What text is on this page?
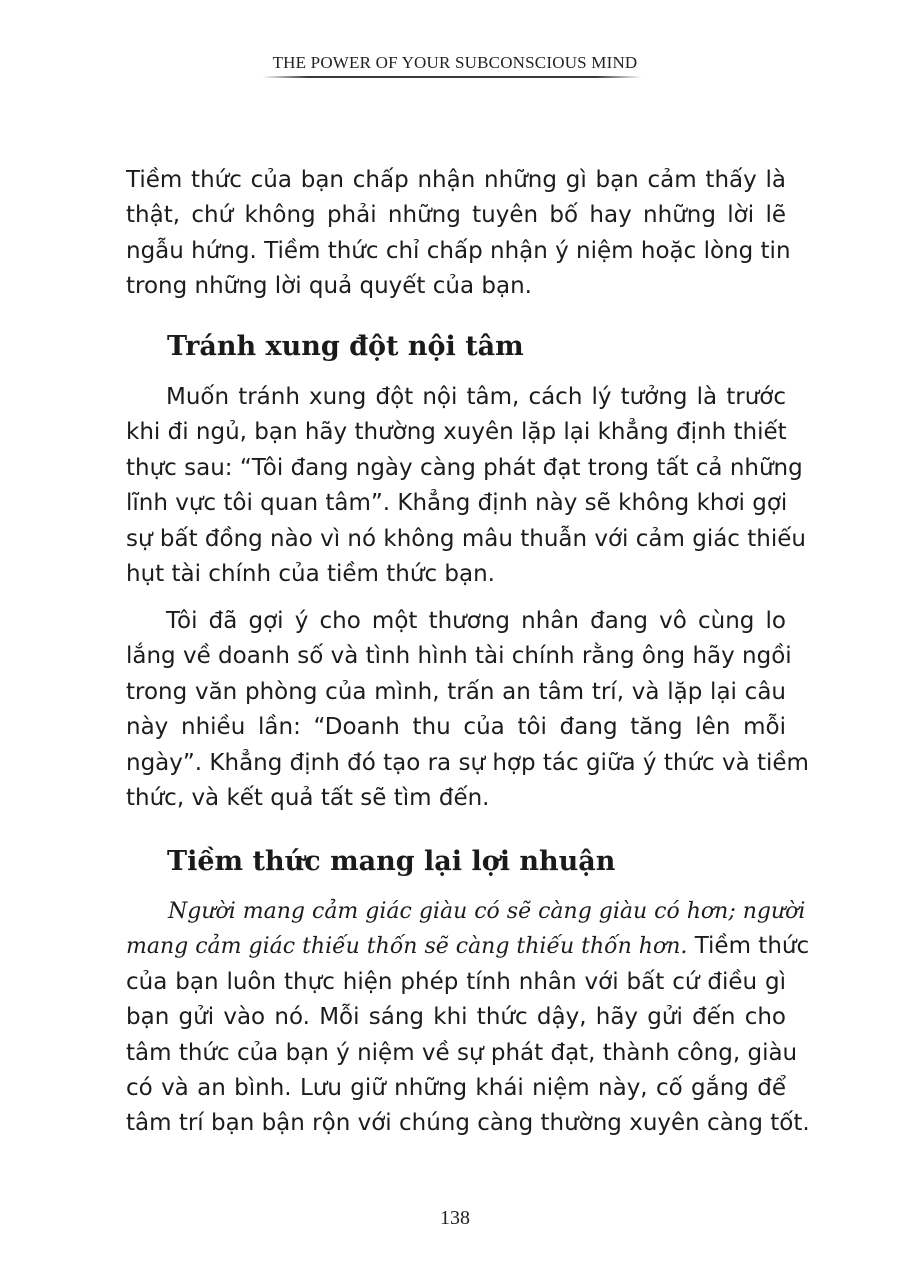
THE POWER OF YOUR SUBCONSCIOUS MIND
Tiềm thức của bạn chấp nhận những gì bạn cảm thấy là
thật, chứ không phải những tuyên bố hay những lời lẽ
ngẫu hứng. Tiềm thức chỉ chấp nhận ý niệm hoặc lòng tin
trong những lời quả quyết của bạn.
Tránh xung đột nội tâm
Muốn tránh xung đột nội tâm, cách lý tưởng là trước
khi đi ngủ, bạn hãy thường xuyên lặp lại khẳng định thiết
thực sau: “Tôi đang ngày càng phát đạt trong tất cả những
lĩnh vực tôi quan tâm”. Khẳng định này sẽ không khơi gợi
sự bất đồng nào vì nó không mâu thuẫn với cảm giác thiếu
hụt tài chính của tiềm thức bạn.
Tôi đã gợi ý cho một thương nhân đang vô cùng lo
lắng về doanh số và tình hình tài chính rằng ông hãy ngồi
trong văn phòng của mình, trấn an tâm trí, và lặp lại câu
này nhiều lần: “Doanh thu của tôi đang tăng lên mỗi
ngày”. Khẳng định đó tạo ra sự hợp tác giữa ý thức và tiềm
thức, và kết quả tất sẽ tìm đến.
Tiềm thức mang lại lợi nhuận
Người mang cảm giác giàu có sẽ càng giàu có hơn; người
mang cảm giác thiếu thốn sẽ càng thiếu thốn hơn. Tiềm thức
của bạn luôn thực hiện phép tính nhân với bất cứ điều gì
bạn gửi vào nó. Mỗi sáng khi thức dậy, hãy gửi đến cho
tâm thức của bạn ý niệm về sự phát đạt, thành công, giàu
có và an bình. Lưu giữ những khái niệm này, cố gắng để
tâm trí bạn bận rộn với chúng càng thường xuyên càng tốt.
138
